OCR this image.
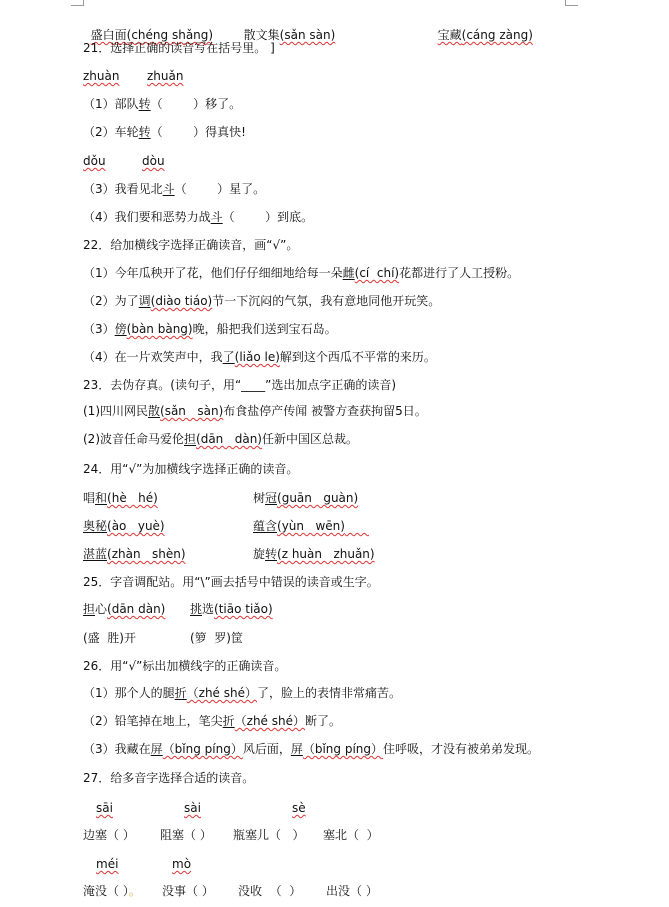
盛白面(chéng shǎng)	散文集(sǎn sàn)	宝藏(cáng zàng)

21．选择正确的读音写在括号里。 ]
zhuàn zhuǎn
（1）部队转（        ）移了。
（2）车轮转（        ）得真快!
dǒu	dòu
（3）我看见北斗（        ）星了。
（4）我们要和恶势力战斗（        ）到底。
22．给加横线字选择正确读音，画“√”。
（1）今年瓜秧开了花，他们仔仔细细地给每一朵雌(cí  chí)花都进行了人工授粉。
（2）为了调(diào tiáo)节一下沉闷的气氛，我有意地同他开玩笑。
（3）傍(bàn bàng)晚，船把我们送到宝石岛。
（4）在一片欢笑声中，我了(liǎo le)解到这个西瓜不平常的来历。
23．去伪存真。(读句子，用“____”选出加点字正确的读音)
(1)四川网民散(sǎn   sàn)布食盐停产传闻 被警方查获拘留5日。
(2)波音任命马爱伦担(dān   dàn)任新中国区总裁。
24．用“√”为加横线字选择正确的读音。
唱和(hè   hé)	树冠(guān   guàn)
奥秘(ào   yuè)	蕴含(yùn   wēn)  
湛蓝(zhàn   shèn)	旋转(z huàn   zhuǎn)
25．字音调配站。用“\”画去括号中错误的读音或生字。
担心(dān dàn) 挑选(tiāo tiǎo)
(盛  胜)开	(箩  罗)筐
26．用“√”标出加横线字的正确读音。
（1）那个人的腿折（zhé shé）了，脸上的表情非常痛苦。
（2）铅笔掉在地上，笔尖折（zhé shé）断了。
（3）我藏在屏（bǐng píng）风后面，屏（bǐng píng）住呼吸，才没有被弟弟发现。
27．给多音字选择合适的读音。
sāi	sài	sè
边塞（ ） 阻塞（ ） 瓶塞儿（   ） 塞北（  ）
méi	mò
淹没（ ）。 没事（ ） 没收  （  ） 出没（ ）
